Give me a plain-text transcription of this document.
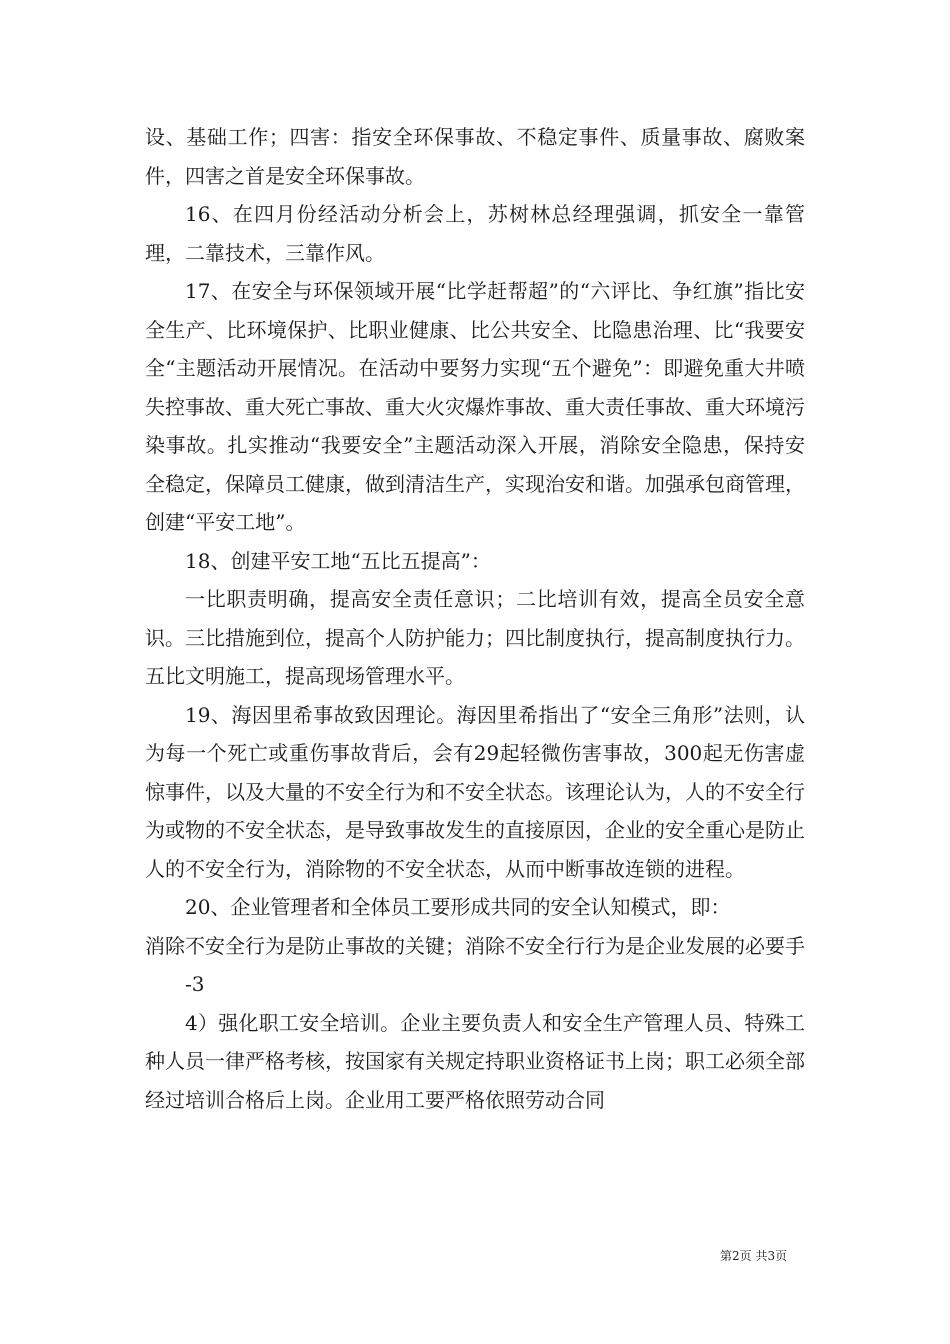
设、基础工作；四害：指安全环保事故、不稳定事件、质量事故、腐败案件，四害之首是安全环保事故。

16、在四月份经活动分析会上，苏树林总经理强调，抓安全一靠管理，二靠技术，三靠作风。

17、在安全与环保领域开展“比学赶帮超”的“六评比、争红旗”指比安全生产、比环境保护、比职业健康、比公共安全、比隐患治理、比“我要安全“主题活动开展情况。在活动中要努力实现“五个避免”：即避免重大井喷失控事故、重大死亡事故、重大火灾爆炸事故、重大责任事故、重大环境污染事故。扎实推动“我要安全”主题活动深入开展，消除安全隐患，保持安全稳定，保障员工健康，做到清洁生产，实现治安和谐。加强承包商管理，创建“平安工地”。

18、创建平安工地“五比五提高”：

一比职责明确，提高安全责任意识；二比培训有效，提高全员安全意识。三比措施到位，提高个人防护能力；四比制度执行，提高制度执行力。五比文明施工，提高现场管理水平。

19、海因里希事故致因理论。海因里希指出了“安全三角形”法则，认为每一个死亡或重伤事故背后，会有29起轻微伤害事故，300起无伤害虚惊事件，以及大量的不安全行为和不安全状态。该理论认为，人的不安全行为或物的不安全状态，是导致事故发生的直接原因，企业的安全重心是防止人的不安全行为，消除物的不安全状态，从而中断事故连锁的进程。

20、企业管理者和全体员工要形成共同的安全认知模式，即：

消除不安全行为是防止事故的关键；消除不安全行行为是企业发展的必要手

-3

4）强化职工安全培训。企业主要负责人和安全生产管理人员、特殊工种人员一律严格考核，按国家有关规定持职业资格证书上岗；职工必须全部经过培训合格后上岗。企业用工要严格依照劳动合同

第2页 共3页
